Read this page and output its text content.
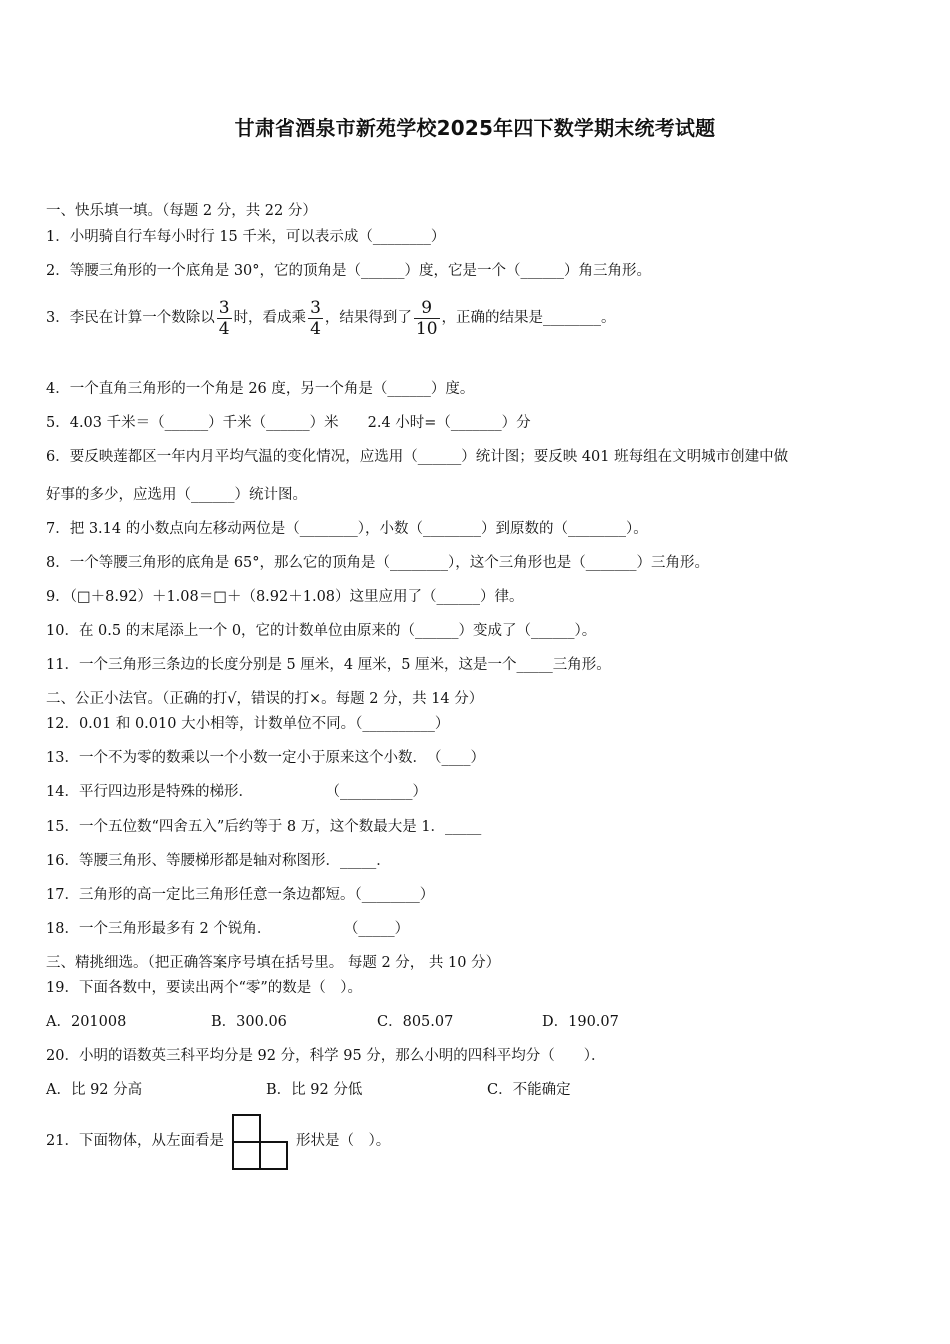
甘肃省酒泉市新苑学校2025年四下数学期末统考试题
一、快乐填一填。（每题 2 分，共 22 分）
1．小明骑自行车每小时行 15 千米，可以表示成（________）
2．等腰三角形的一个底角是 30°，它的顶角是（______）度，它是一个（______）角三角形。
3．李民在计算一个数除以 $\frac{3}{4}$ 时，看成乘 $\frac{3}{4}$ ，结果得到了 $\frac{9}{10}$ ，正确的结果是________。
4．一个直角三角形的一个角是 26 度，另一个角是（______）度。
5．4.03 千米＝（______）千米（______）米　　2.4 小时=（_______）分
6．要反映莲都区一年内月平均气温的变化情况，应选用（______）统计图；要反映 401 班每组在文明城市创建中做
好事的多少，应选用（______）统计图。
7．把 3.14 的小数点向左移动两位是（________），小数（________）到原数的（________）。
8．一个等腰三角形的底角是 65°，那么它的顶角是（________），这个三角形也是（_______）三角形。
9．（□＋8.92）＋1.08＝□＋（8.92＋1.08）这里应用了（______）律。
10．在 0.5 的末尾添上一个 0，它的计数单位由原来的（______）变成了（______）。
11．一个三角形三条边的长度分别是 5 厘米，4 厘米，5 厘米，这是一个_____三角形。
二、公正小法官。（正确的打√，错误的打×。每题 2 分，共 14 分）
12．0.01 和 0.010 大小相等，计数单位不同。（__________）
13．一个不为零的数乘以一个小数一定小于原来这个小数．　（____）
14．平行四边形是特殊的梯形．　　　　　　（__________）
15．一个五位数“四舍五入”后约等于 8 万，这个数最大是 1．_____
16．等腰三角形、等腰梯形都是轴对称图形．_____．
17．三角形的高一定比三角形任意一条边都短。（________）
18．一个三角形最多有 2 个锐角．　　　　　　（_____）
三、精挑细选。（把正确答案序号填在括号里。 每题 2 分， 共 10 分）
19．下面各数中，要读出两个“零”的数是（　）。
A．201008	B．300.06	C．805.07	D．190.07
20．小明的语数英三科平均分是 92 分，科学 95 分，那么小明的四科平均分（　　）．
A．比 92 分高	B．比 92 分低	C．不能确定
21．下面物体，从左面看是	形状是（　）。
